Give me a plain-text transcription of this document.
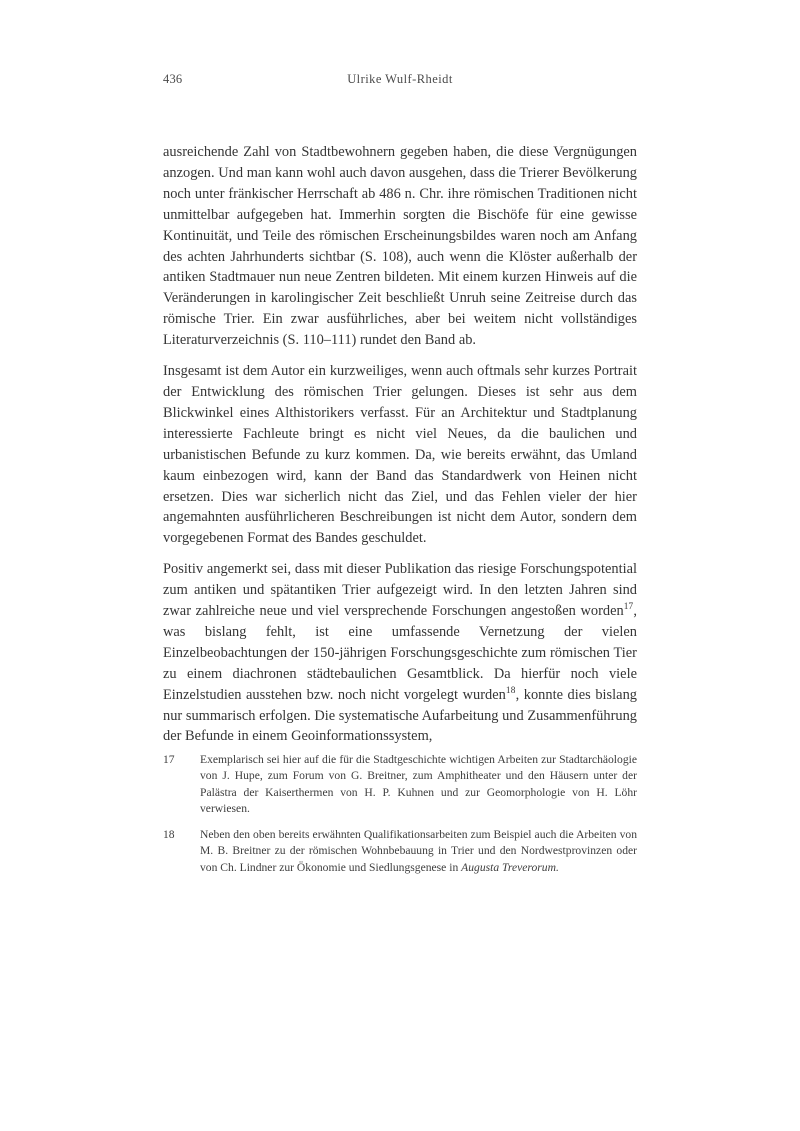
436	Ulrike Wulf-Rheidt

ausreichende Zahl von Stadtbewohnern gegeben haben, die diese Vergnügungen anzogen. Und man kann wohl auch davon ausgehen, dass die Trierer Bevölkerung noch unter fränkischer Herrschaft ab 486 n. Chr. ihre römischen Traditionen nicht unmittelbar aufgegeben hat. Immerhin sorgten die Bischöfe für eine gewisse Kontinuität, und Teile des römischen Erscheinungsbildes waren noch am Anfang des achten Jahrhunderts sichtbar (S. 108), auch wenn die Klöster außerhalb der antiken Stadtmauer nun neue Zentren bildeten. Mit einem kurzen Hinweis auf die Veränderungen in karolingischer Zeit beschließt Unruh seine Zeitreise durch das römische Trier. Ein zwar ausführliches, aber bei weitem nicht vollständiges Literaturverzeichnis (S. 110–111) rundet den Band ab.

Insgesamt ist dem Autor ein kurzweiliges, wenn auch oftmals sehr kurzes Portrait der Entwicklung des römischen Trier gelungen. Dieses ist sehr aus dem Blickwinkel eines Althistorikers verfasst. Für an Architektur und Stadtplanung interessierte Fachleute bringt es nicht viel Neues, da die baulichen und urbanistischen Befunde zu kurz kommen. Da, wie bereits erwähnt, das Umland kaum einbezogen wird, kann der Band das Standardwerk von Heinen nicht ersetzen. Dies war sicherlich nicht das Ziel, und das Fehlen vieler der hier angemahnten ausführlicheren Beschreibungen ist nicht dem Autor, sondern dem vorgegebenen Format des Bandes geschuldet.

Positiv angemerkt sei, dass mit dieser Publikation das riesige Forschungspotential zum antiken und spätantiken Trier aufgezeigt wird. In den letzten Jahren sind zwar zahlreiche neue und viel versprechende Forschungen angestoßen worden$^{17}$, was bislang fehlt, ist eine umfassende Vernetzung der vielen Einzelbeobachtungen der 150-jährigen Forschungsgeschichte zum römischen Tier zu einem diachronen städtebaulichen Gesamtblick. Da hierfür noch viele Einzelstudien ausstehen bzw. noch nicht vorgelegt wurden$^{18}$, konnte dies bislang nur summarisch erfolgen. Die systematische Aufarbeitung und Zusammenführung der Befunde in einem Geoinformationssystem,

17	Exemplarisch sei hier auf die für die Stadtgeschichte wichtigen Arbeiten zur Stadtarchäologie von J. Hupe, zum Forum von G. Breitner, zum Amphitheater und den Häusern unter der Palästra der Kaiserthermen von H. P. Kuhnen und zur Geomorphologie von H. Löhr verwiesen.
18	Neben den oben bereits erwähnten Qualifikationsarbeiten zum Beispiel auch die Arbeiten von M. B. Breitner zu der römischen Wohnbebauung in Trier und den Nordwestprovinzen oder von Ch. Lindner zur Ökonomie und Siedlungsgenese in Augusta Treverorum.
